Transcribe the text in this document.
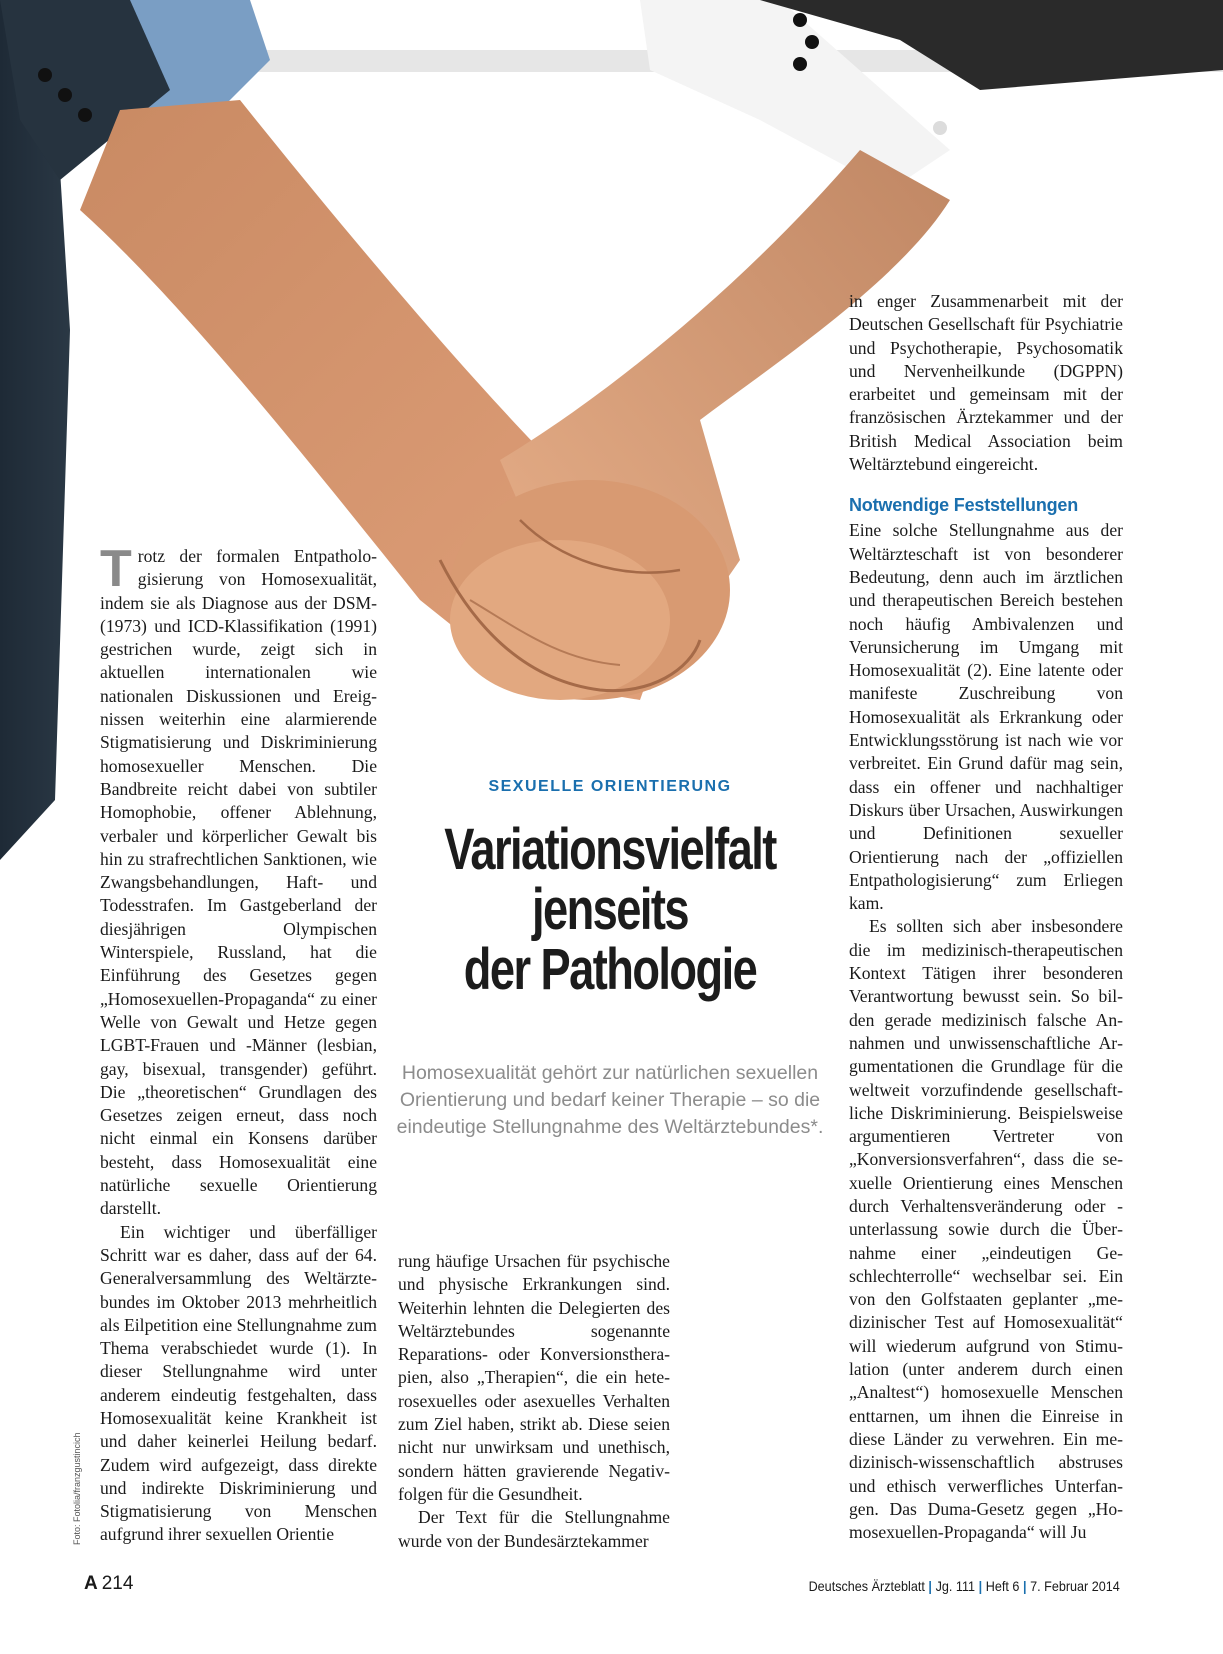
SEXUELLE ORIENTIERUNG
Variationsvielfalt
jenseits
der Pathologie
Homosexualität gehört zur natürlichen sexuellen Orientierung und bedarf keiner Therapie – so die eindeutige Stellungnahme des Weltärztebundes*.

Trotz der formalen Entpathologisierung von Homosexualität, indem sie als Diagnose aus der DSM- (1973) und ICD-Klassifikation (1991) gestrichen wurde, zeigt sich in aktuellen internationalen wie nationalen Diskussionen und Ereignissen weiterhin eine alarmierende Stigmatisierung und Diskriminierung homosexueller Menschen. Die Bandbreite reicht dabei von subtiler Homophobie, offener Ablehnung, verbaler und körperlicher Gewalt bis hin zu strafrechtlichen Sanktionen, wie Zwangsbehandlungen, Haft- und Todesstrafen. Im Gastgeberland der diesjährigen Olympischen Winterspiele, Russland, hat die Einführung des Gesetzes gegen „Homosexuellen-Propaganda“ zu einer Welle von Gewalt und Hetze gegen LGBT-Frauen und -Männer (lesbian, gay, bisexual, transgender) geführt. Die „theoretischen“ Grundlagen des Gesetzes zeigen erneut, dass noch nicht einmal ein Konsens darüber besteht, dass Homosexualität eine natürliche sexuelle Orientierung darstellt.

Ein wichtiger und überfälliger Schritt war es daher, dass auf der 64. Generalversammlung des Weltärztebundes im Oktober 2013 mehrheitlich als Eilpetition eine Stellungnahme zum Thema verabschiedet wurde (1). In dieser Stellungnahme wird unter anderem eindeutig festgehalten, dass Homosexualität keine Krankheit ist und daher keinerlei Heilung bedarf. Zudem wird aufgezeigt, dass direkte und indirekte Diskriminierung und Stigmatisierung von Menschen aufgrund ihrer sexuellen Orientie

rung häufige Ursachen für psychische und physische Erkrankungen sind. Weiterhin lehnten die Delegierten des Weltärztebundes sogenannte Reparations- oder Konversionstherapien, also „Therapien“, die ein heterosexuelles oder asexuelles Verhalten zum Ziel haben, strikt ab. Diese seien nicht nur unwirksam und unethisch, sondern hätten gravierende Negativfolgen für die Gesundheit.

Der Text für die Stellungnahme wurde von der Bundesärztekammer

in enger Zusammenarbeit mit der Deutschen Gesellschaft für Psychiatrie und Psychotherapie, Psychosomatik und Nervenheilkunde (DGPPN) erarbeitet und gemeinsam mit der französischen Ärztekammer und der British Medical Association beim Weltärztebund eingereicht.

Notwendige Feststellungen

Eine solche Stellungnahme aus der Weltärzteschaft ist von besonderer Bedeutung, denn auch im ärztlichen und therapeutischen Bereich bestehen noch häufig Ambivalenzen und Verunsicherung im Umgang mit Homosexualität (2). Eine latente oder manifeste Zuschreibung von Homosexualität als Erkrankung oder Entwicklungsstörung ist nach wie vor verbreitet. Ein Grund dafür mag sein, dass ein offener und nachhaltiger Diskurs über Ursachen, Auswirkungen und Definitionen sexueller Orientierung nach der „offiziellen Entpathologisierung“ zum Erliegen kam.

Es sollten sich aber insbesondere die im medizinisch-therapeutischen Kontext Tätigen ihrer besonderen Verantwortung bewusst sein. So bilden gerade medizinisch falsche Annahmen und unwissenschaftliche Argumentationen die Grundlage für die weltweit vorzufindende gesellschaftliche Diskriminierung. Beispielsweise argumentieren Vertreter von „Konversionsverfahren“, dass die sexuelle Orientierung eines Menschen durch Verhaltensveränderung oder -unterlassung sowie durch die Übernahme einer „eindeutigen Geschlechterrolle“ wechselbar sei. Ein von den Golfstaaten geplanter „medizinischer Test auf Homosexualität“ will wiederum aufgrund von Stimulation (unter anderem durch einen „Analtest“) homosexuelle Menschen enttarnen, um ihnen die Einreise in diese Länder zu verwehren. Ein medizinisch-wissenschaftlich abstruses und ethisch verwerfliches Unterfangen. Das Duma-Gesetz gegen „Homosexuellen-Propaganda“ will Ju

Foto: Fotolia/franzgustincich
A 214	Deutsches Ärzteblatt | Jg. 111 | Heft 6 | 7. Februar 2014
